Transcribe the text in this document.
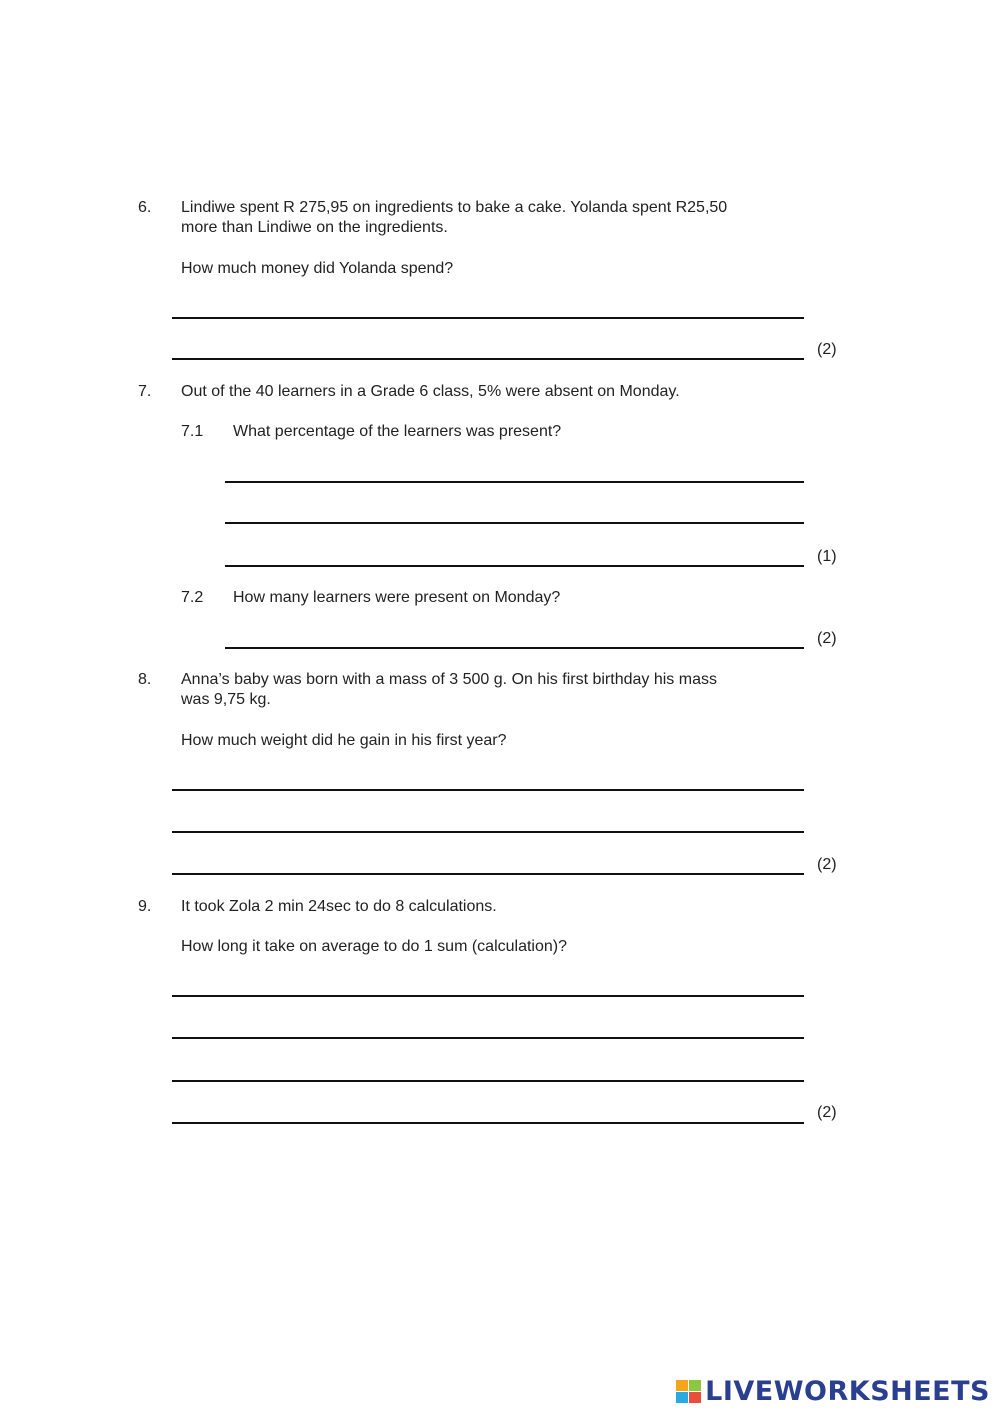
6. Lindiwe spent R 275,95 on ingredients to bake a cake. Yolanda spent R25,50
more than Lindiwe on the ingredients.
How much money did Yolanda spend?
(2)
7. Out of the 40 learners in a Grade 6 class, 5% were absent on Monday.
7.1 What percentage of the learners was present?
(1)
7.2 How many learners were present on Monday?
(2)
8. Anna’s baby was born with a mass of 3 500 g. On his first birthday his mass
was 9,75 kg.
How much weight did he gain in his first year?
(2)
9. It took Zola 2 min 24sec to do 8 calculations.
How long it take on average to do 1 sum (calculation)?
(2)
LIVEWORKSHEETS
